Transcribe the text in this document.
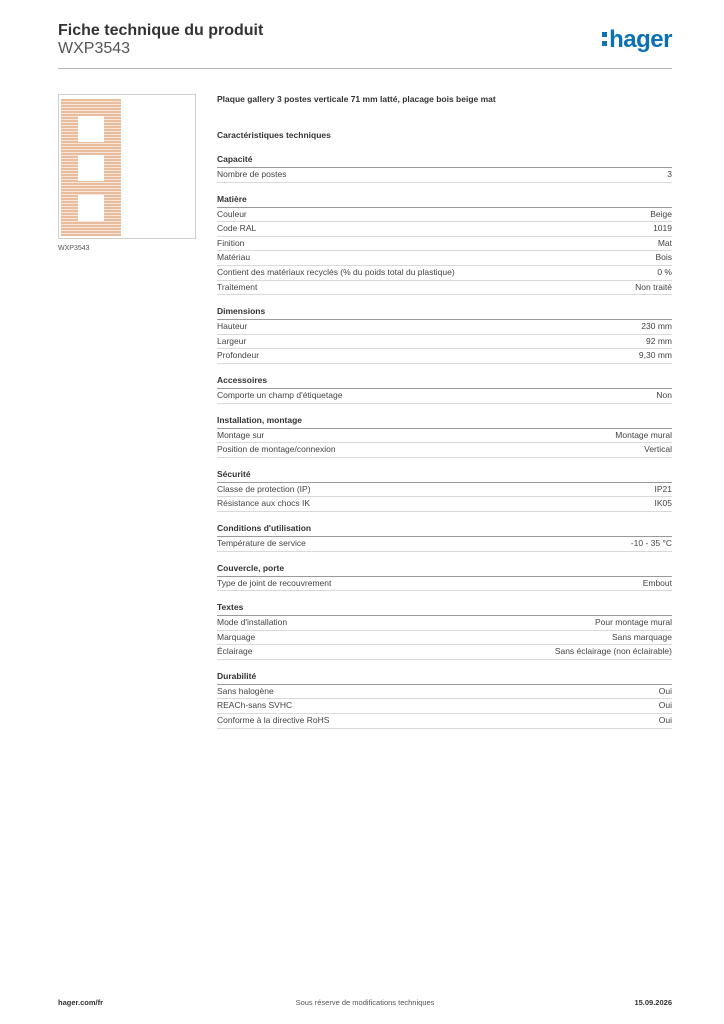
Fiche technique du produit
WXP3543	hager
WXP3543
Plaque gallery 3 postes verticale 71 mm latté, placage bois beige mat
Caractéristiques techniques
Capacité
Nombre de postes	3
Matière
Couleur	Beige
Code RAL	1019
Finition	Mat
Matériau	Bois
Contient des matériaux recyclés (% du poids total du plastique)	0 %
Traitement	Non traité
Dimensions
Hauteur	230 mm
Largeur	92 mm
Profondeur	9,30 mm
Accessoires
Comporte un champ d'étiquetage	Non
Installation, montage
Montage sur	Montage mural
Position de montage/connexion	Vertical
Sécurité
Classe de protection (IP)	IP21
Résistance aux chocs IK	IK05
Conditions d'utilisation
Température de service	-10 - 35 °C
Couvercle, porte
Type de joint de recouvrement	Embout
Textes
Mode d'installation	Pour montage mural
Marquage	Sans marquage
Éclairage	Sans éclairage (non éclairable)
Durabilité
Sans halogène	Oui
REACh-sans SVHC	Oui
Conforme à la directive RoHS	Oui
hager.com/fr	Sous réserve de modifications techniques	15.09.2026
